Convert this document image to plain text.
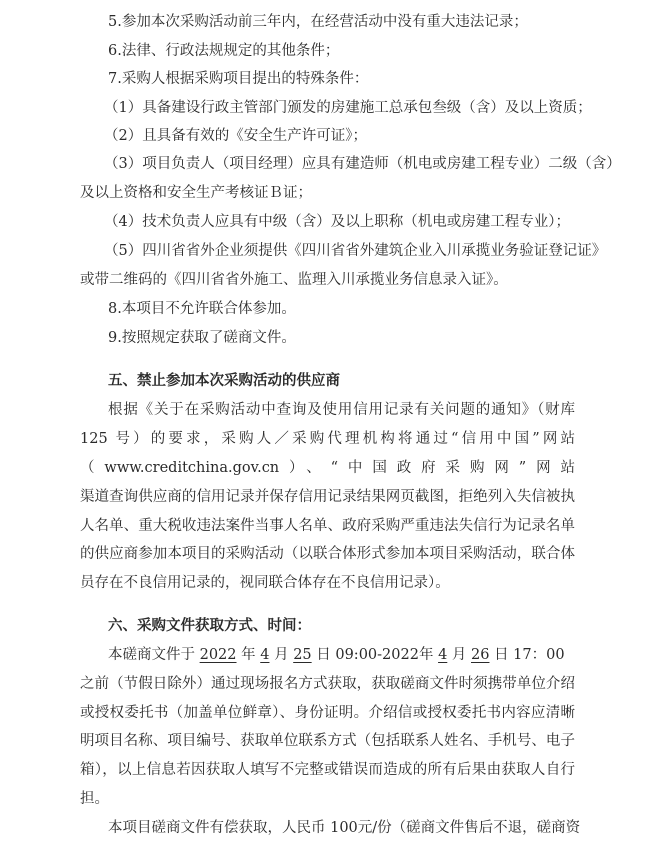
5.参加本次采购活动前三年内，在经营活动中没有重大违法记录；
6.法律、行政法规规定的其他条件；
7.采购人根据采购项目提出的特殊条件：
（1）具备建设行政主管部门颁发的房建施工总承包叁级（含）及以上资质；
（2）且具备有效的《安全生产许可证》；
（3）项目负责人（项目经理）应具有建造师（机电或房建工程专业）二级（含）
及以上资格和安全生产考核证Ｂ证；
（4）技术负责人应具有中级（含）及以上职称（机电或房建工程专业）；
（5）四川省省外企业须提供《四川省省外建筑企业入川承揽业务验证登记证》
或带二维码的《四川省省外施工、监理入川承揽业务信息录入证》。
8.本项目不允许联合体参加。
9.按照规定获取了磋商文件。
五、禁止参加本次采购活动的供应商
根据《关于在采购活动中查询及使用信用记录有关问题的通知》（财库
125 号）的要求，采购人／采购代理机构将通过“信用中国”网站
（www.creditchina.gov.cn）、“中国政府采购网”网站
渠道查询供应商的信用记录并保存信用记录结果网页截图，拒绝列入失信被执
人名单、重大税收违法案件当事人名单、政府采购严重违法失信行为记录名单
的供应商参加本项目的采购活动（以联合体形式参加本项目采购活动，联合体
员存在不良信用记录的，视同联合体存在不良信用记录）。
六、采购文件获取方式、时间：
本磋商文件于 2022 年 4 月 25 日 09:00-2022年 4 月 26 日 17：00
之前（节假日除外）通过现场报名方式获取，获取磋商文件时须携带单位介绍
或授权委托书（加盖单位鲜章）、身份证明。介绍信或授权委托书内容应清晰
明项目名称、项目编号、获取单位联系方式（包括联系人姓名、手机号、电子
箱），以上信息若因获取人填写不完整或错误而造成的所有后果由获取人自行
担。
本项目磋商文件有偿获取，人民币 100元/份（磋商文件售后不退，磋商资
